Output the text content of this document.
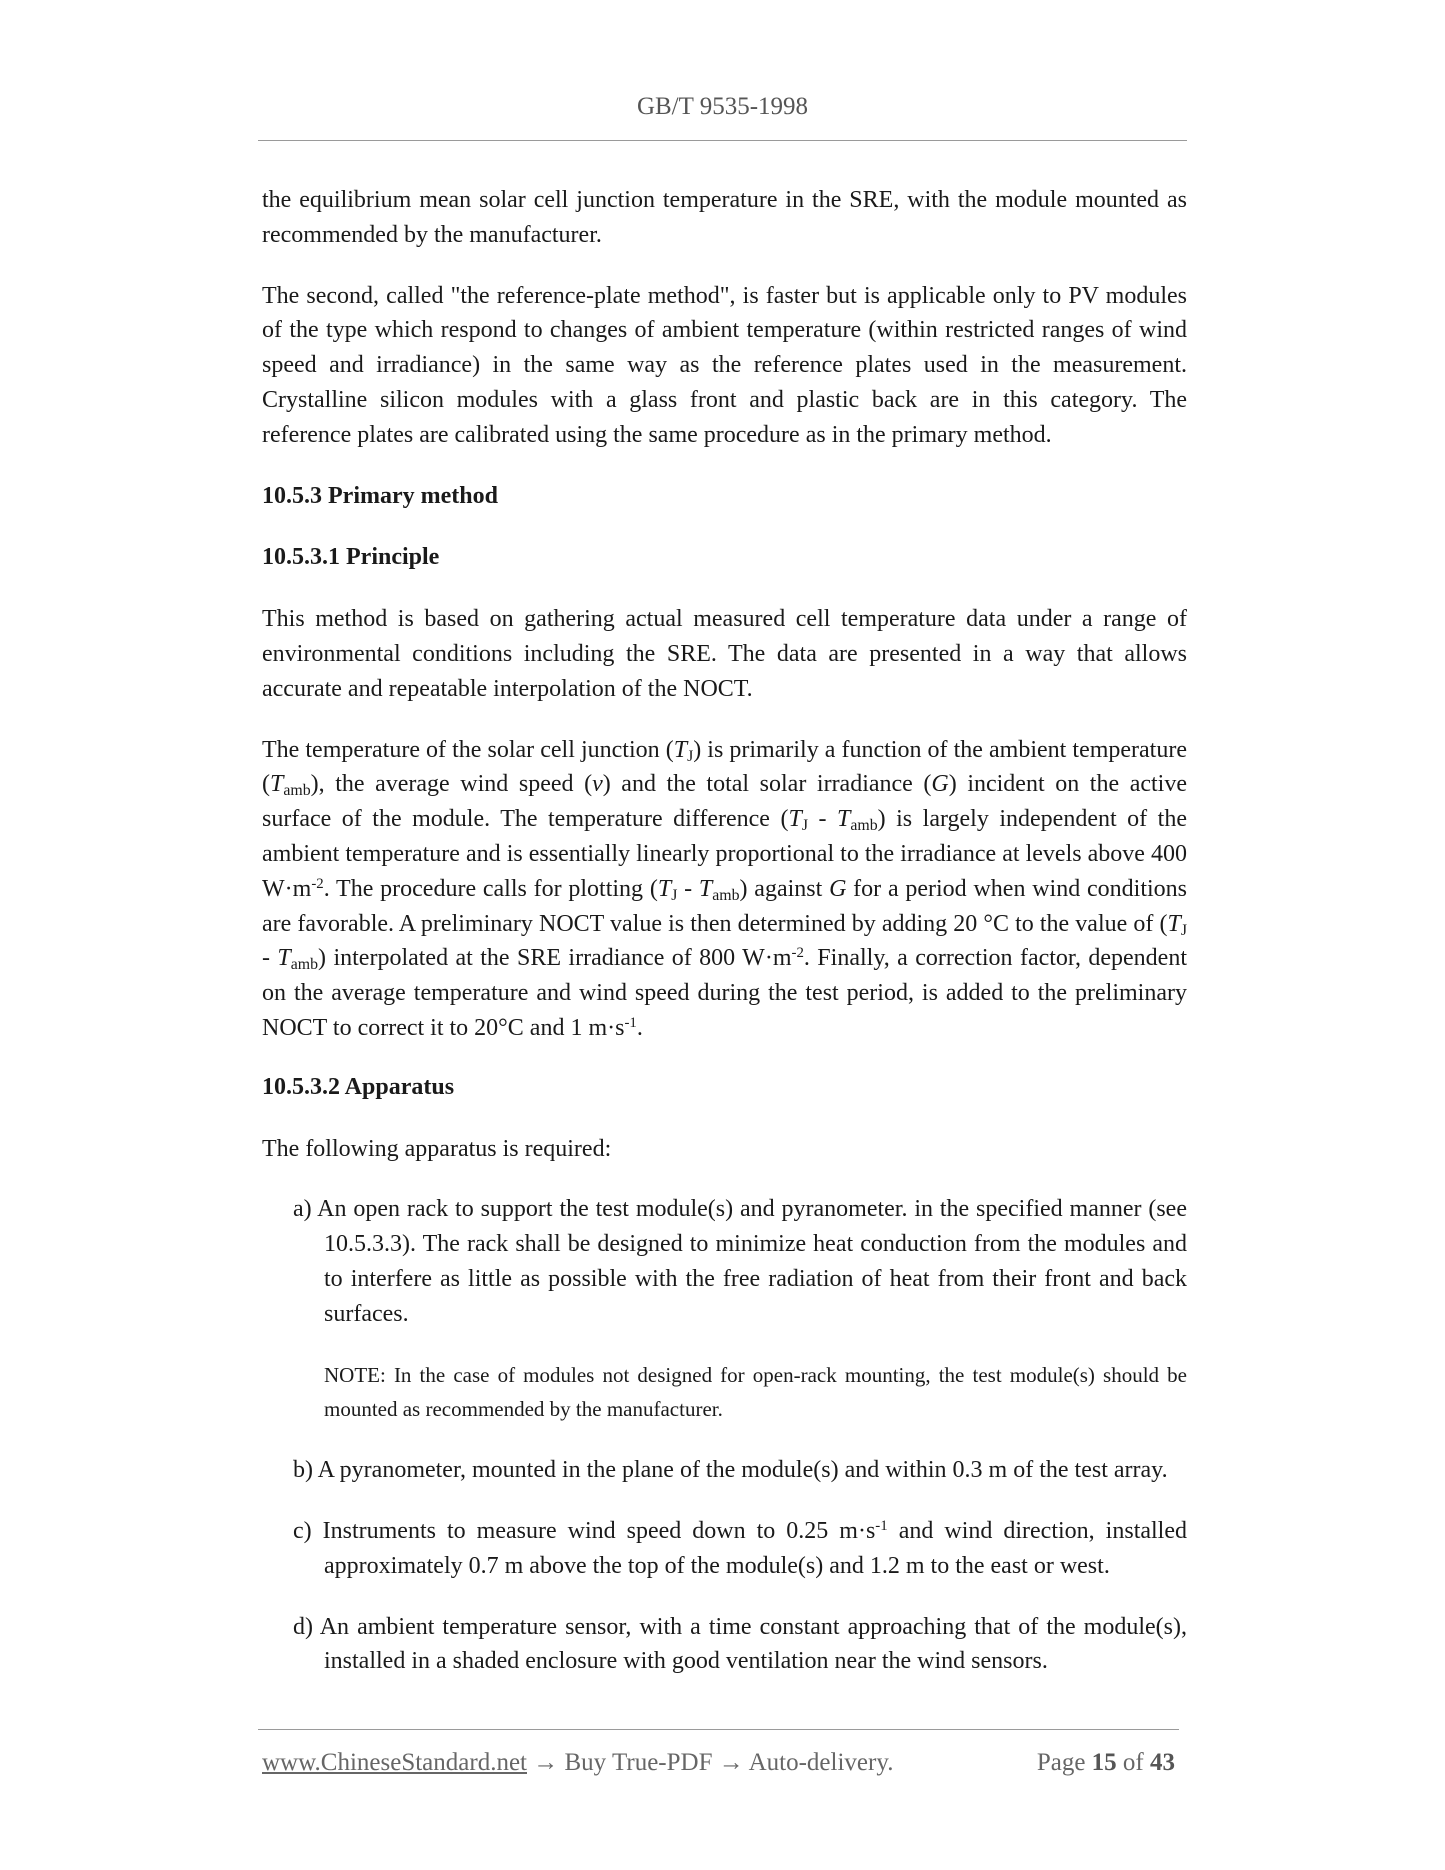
GB/T 9535-1998

the equilibrium mean solar cell junction temperature in the SRE, with the module mounted as recommended by the manufacturer.

The second, called "the reference-plate method", is faster but is applicable only to PV modules of the type which respond to changes of ambient temperature (within restricted ranges of wind speed and irradiance) in the same way as the reference plates used in the measurement. Crystalline silicon modules with a glass front and plastic back are in this category. The reference plates are calibrated using the same procedure as in the primary method.

10.5.3 Primary method
10.5.3.1 Principle

This method is based on gathering actual measured cell temperature data under a range of environmental conditions including the SRE. The data are presented in a way that allows accurate and repeatable interpolation of the NOCT.

The temperature of the solar cell junction $(T_J)$ is primarily a function of the ambient temperature $(T_{amb})$, the average wind speed (v) and the total solar irradiance (G) incident on the active surface of the module. The temperature difference $(T_J - T_{amb})$ is largely independent of the ambient temperature and is essentially linearly proportional to the irradiance at levels above 400 $W\cdot m^{-2}$. The procedure calls for plotting $(T_J - T_{amb})$ against G for a period when wind conditions are favorable. A preliminary NOCT value is then determined by adding 20 °C to the value of $(T_J - T_{amb})$ interpolated at the SRE irradiance of 800 $W\cdot m^{-2}$. Finally, a correction factor, dependent on the average temperature and wind speed during the test period, is added to the preliminary NOCT to correct it to 20°C and 1 $m\cdot s^{-1}$.

10.5.3.2 Apparatus

The following apparatus is required:

a) An open rack to support the test module(s) and pyranometer. in the specified manner (see 10.5.3.3). The rack shall be designed to minimize heat conduction from the modules and to interfere as little as possible with the free radiation of heat from their front and back surfaces.

NOTE: In the case of modules not designed for open-rack mounting, the test module(s) should be mounted as recommended by the manufacturer.

b) A pyranometer, mounted in the plane of the module(s) and within 0.3 m of the test array.

c) Instruments to measure wind speed down to 0.25 $m\cdot s^{-1}$ and wind direction, installed approximately 0.7 m above the top of the module(s) and 1.2 m to the east or west.

d) An ambient temperature sensor, with a time constant approaching that of the module(s), installed in a shaded enclosure with good ventilation near the wind sensors.

www.ChineseStandard.net → Buy True-PDF → Auto-delivery.	Page 15 of 43
